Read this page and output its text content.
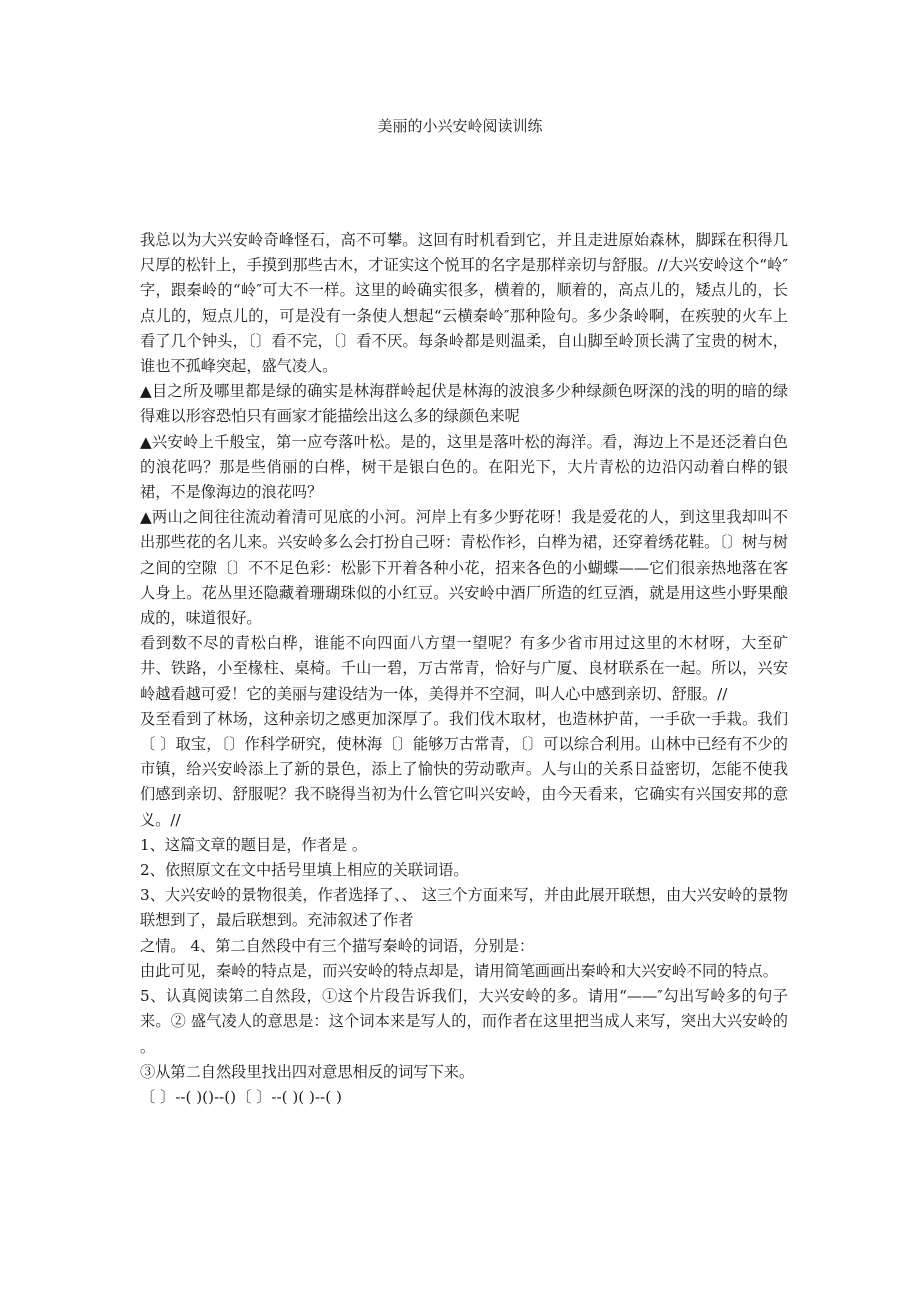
美丽的小兴安岭阅读训练

我总以为大兴安岭奇峰怪石，高不可攀。这回有时机看到它，并且走进原始森林，脚踩在积得几尺厚的松针上，手摸到那些古木，才证实这个悦耳的名字是那样亲切与舒服。//大兴安岭这个“岭″字，跟秦岭的“岭″可大不一样。这里的岭确实很多，横着的，顺着的，高点儿的，矮点儿的，长点儿的，短点儿的，可是没有一条使人想起“云横秦岭″那种险句。多少条岭啊，在疾驶的火车上看了几个钟头，〔〕看不完，〔〕看不厌。每条岭都是则温柔，自山脚至岭顶长满了宝贵的树木，谁也不孤峰突起，盛气凌人。

▲目之所及哪里都是绿的确实是林海群岭起伏是林海的波浪多少种绿颜色呀深的浅的明的暗的绿得难以形容恐怕只有画家才能描绘出这么多的绿颜色来呢

▲兴安岭上千般宝，第一应夸落叶松。是的，这里是落叶松的海洋。看，海边上不是还泛着白色的浪花吗？那是些俏丽的白桦，树干是银白色的。在阳光下，大片青松的边沿闪动着白桦的银裙，不是像海边的浪花吗？

▲两山之间往往流动着清可见底的小河。河岸上有多少野花呀！我是爱花的人，到这里我却叫不出那些花的名儿来。兴安岭多么会打扮自己呀：青松作衫，白桦为裙，还穿着绣花鞋。〔〕树与树之间的空隙〔〕不不足色彩：松影下开着各种小花，招来各色的小蝴蝶——它们很亲热地落在客人身上。花丛里还隐藏着珊瑚珠似的小红豆。兴安岭中酒厂所造的红豆酒，就是用这些小野果酿成的，味道很好。

看到数不尽的青松白桦，谁能不向四面八方望一望呢？有多少省市用过这里的木材呀，大至矿井、铁路，小至椽柱、桌椅。千山一碧，万古常青，恰好与广厦、良材联系在一起。所以，兴安岭越看越可爱！它的美丽与建设结为一体，美得并不空洞，叫人心中感到亲切、舒服。//

及至看到了林场，这种亲切之感更加深厚了。我们伐木取材，也造林护苗，一手砍一手栽。我们〔 〕取宝，〔〕作科学研究，使林海〔〕能够万古常青，〔〕可以综合利用。山林中已经有不少的市镇，给兴安岭添上了新的景色，添上了愉快的劳动歌声。人与山的关系日益密切，怎能不使我们感到亲切、舒服呢？我不晓得当初为什么管它叫兴安岭，由今天看来，它确实有兴国安邦的意义。//

1、这篇文章的题目是，作者是 。

2、依照原文在文中括号里填上相应的关联词语。

3、大兴安岭的景物很美，作者选择了、、 这三个方面来写，并由此展开联想，由大兴安岭的景物联想到了，最后联想到。充沛叙述了作者

之情。 4、第二自然段中有三个描写秦岭的词语，分别是：

由此可见，秦岭的特点是，而兴安岭的特点却是，请用简笔画画出秦岭和大兴安岭不同的特点。

5、认真阅读第二自然段，①这个片段告诉我们，大兴安岭的多。请用“——″勾出写岭多的句子来。② 盛气凌人的意思是：这个词本来是写人的，而作者在这里把当成人来写，突出大兴安岭的 。

③从第二自然段里找出四对意思相反的词写下来。

〔 〕--( )()--()〔 〕--( )( )--( )
